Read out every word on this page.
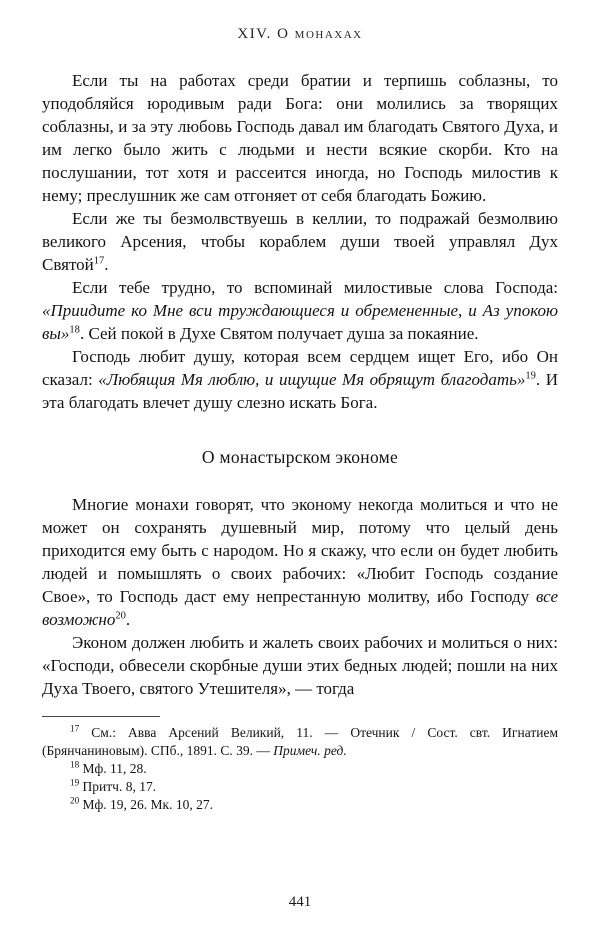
XIV. О монахах

Если ты на работах среди братии и терпишь соблазны, то уподобляйся юродивым ради Бога: они молились за творящих соблазны, и за эту любовь Господь давал им благодать Святого Духа, и им легко было жить с людьми и нести всякие скорби. Кто на послушании, тот хотя и рассеится иногда, но Господь милостив к нему; преслушник же сам отгоняет от себя благодать Божию.

Если же ты безмолвствуешь в келлии, то подражай безмолвию великого Арсения, чтобы кораблем души твоей управлял Дух Святой$^{17}$.

Если тебе трудно, то вспоминай милостивые слова Господа: «Приидите ко Мне вси труждающиеся и обремененные, и Аз упокою вы»$^{18}$. Сей покой в Духе Святом получает душа за покаяние.

Господь любит душу, которая всем сердцем ищет Его, ибо Он сказал: «Любящия Мя люблю, и ищущие Мя обрящут благодать»$^{19}$. И эта благодать влечет душу слезно искать Бога.

О монастырском экономе

Многие монахи говорят, что эконому некогда молиться и что не может он сохранять душевный мир, потому что целый день приходится ему быть с народом. Но я скажу, что если он будет любить людей и помышлять о своих рабочих: «Любит Господь создание Свое», то Господь даст ему непрестанную молитву, ибо Господу все возможно$^{20}$.

Эконом должен любить и жалеть своих рабочих и молиться о них: «Господи, обвесели скорбные души этих бедных людей; пошли на них Духа Твоего, святого Утешителя», — тогда

$^{17}$ См.: Авва Арсений Великий, 11. — Отечник / Сост. свт. Игнатием (Брянчаниновым). СПб., 1891. С. 39. — Примеч. ред.

$^{18}$ Мф. 11, 28.

$^{19}$ Притч. 8, 17.

$^{20}$ Мф. 19, 26. Мк. 10, 27.

441
